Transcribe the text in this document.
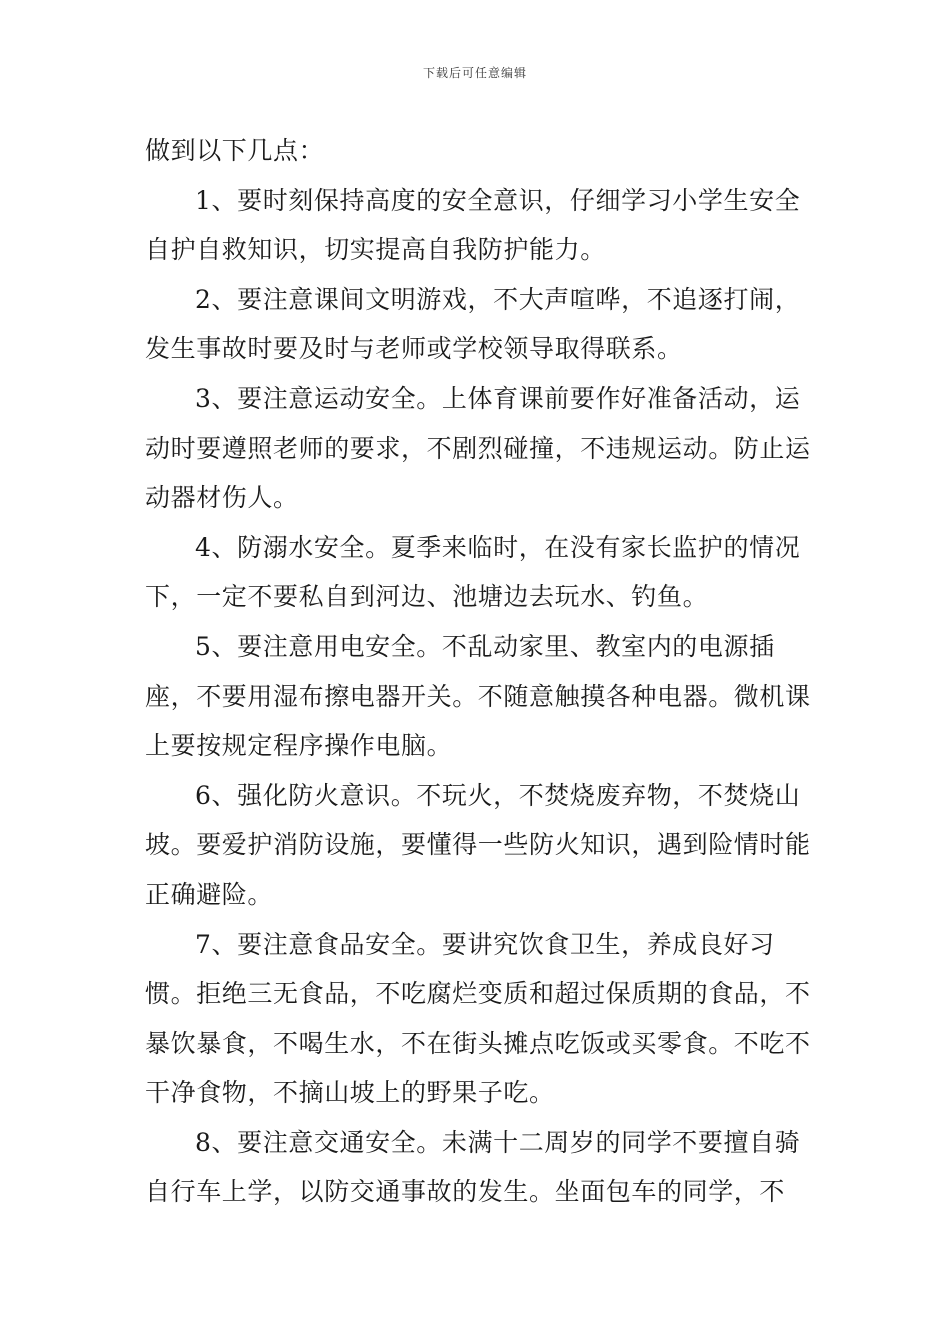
下载后可任意编辑

做到以下几点：

1、要时刻保持高度的安全意识，仔细学习小学生安全自护自救知识，切实提高自我防护能力。

2、要注意课间文明游戏，不大声喧哗，不追逐打闹，发生事故时要及时与老师或学校领导取得联系。

3、要注意运动安全。上体育课前要作好准备活动，运动时要遵照老师的要求，不剧烈碰撞，不违规运动。防止运动器材伤人。

4、防溺水安全。夏季来临时，在没有家长监护的情况下，一定不要私自到河边、池塘边去玩水、钓鱼。

5、要注意用电安全。不乱动家里、教室内的电源插座，不要用湿布擦电器开关。不随意触摸各种电器。微机课上要按规定程序操作电脑。

6、强化防火意识。不玩火，不焚烧废弃物，不焚烧山坡。要爱护消防设施，要懂得一些防火知识，遇到险情时能正确避险。

7、要注意食品安全。要讲究饮食卫生，养成良好习惯。拒绝三无食品，不吃腐烂变质和超过保质期的食品，不暴饮暴食，不喝生水，不在街头摊点吃饭或买零食。不吃不干净食物，不摘山坡上的野果子吃。

8、要注意交通安全。未满十二周岁的同学不要擅自骑自行车上学，以防交通事故的发生。坐面包车的同学，不
